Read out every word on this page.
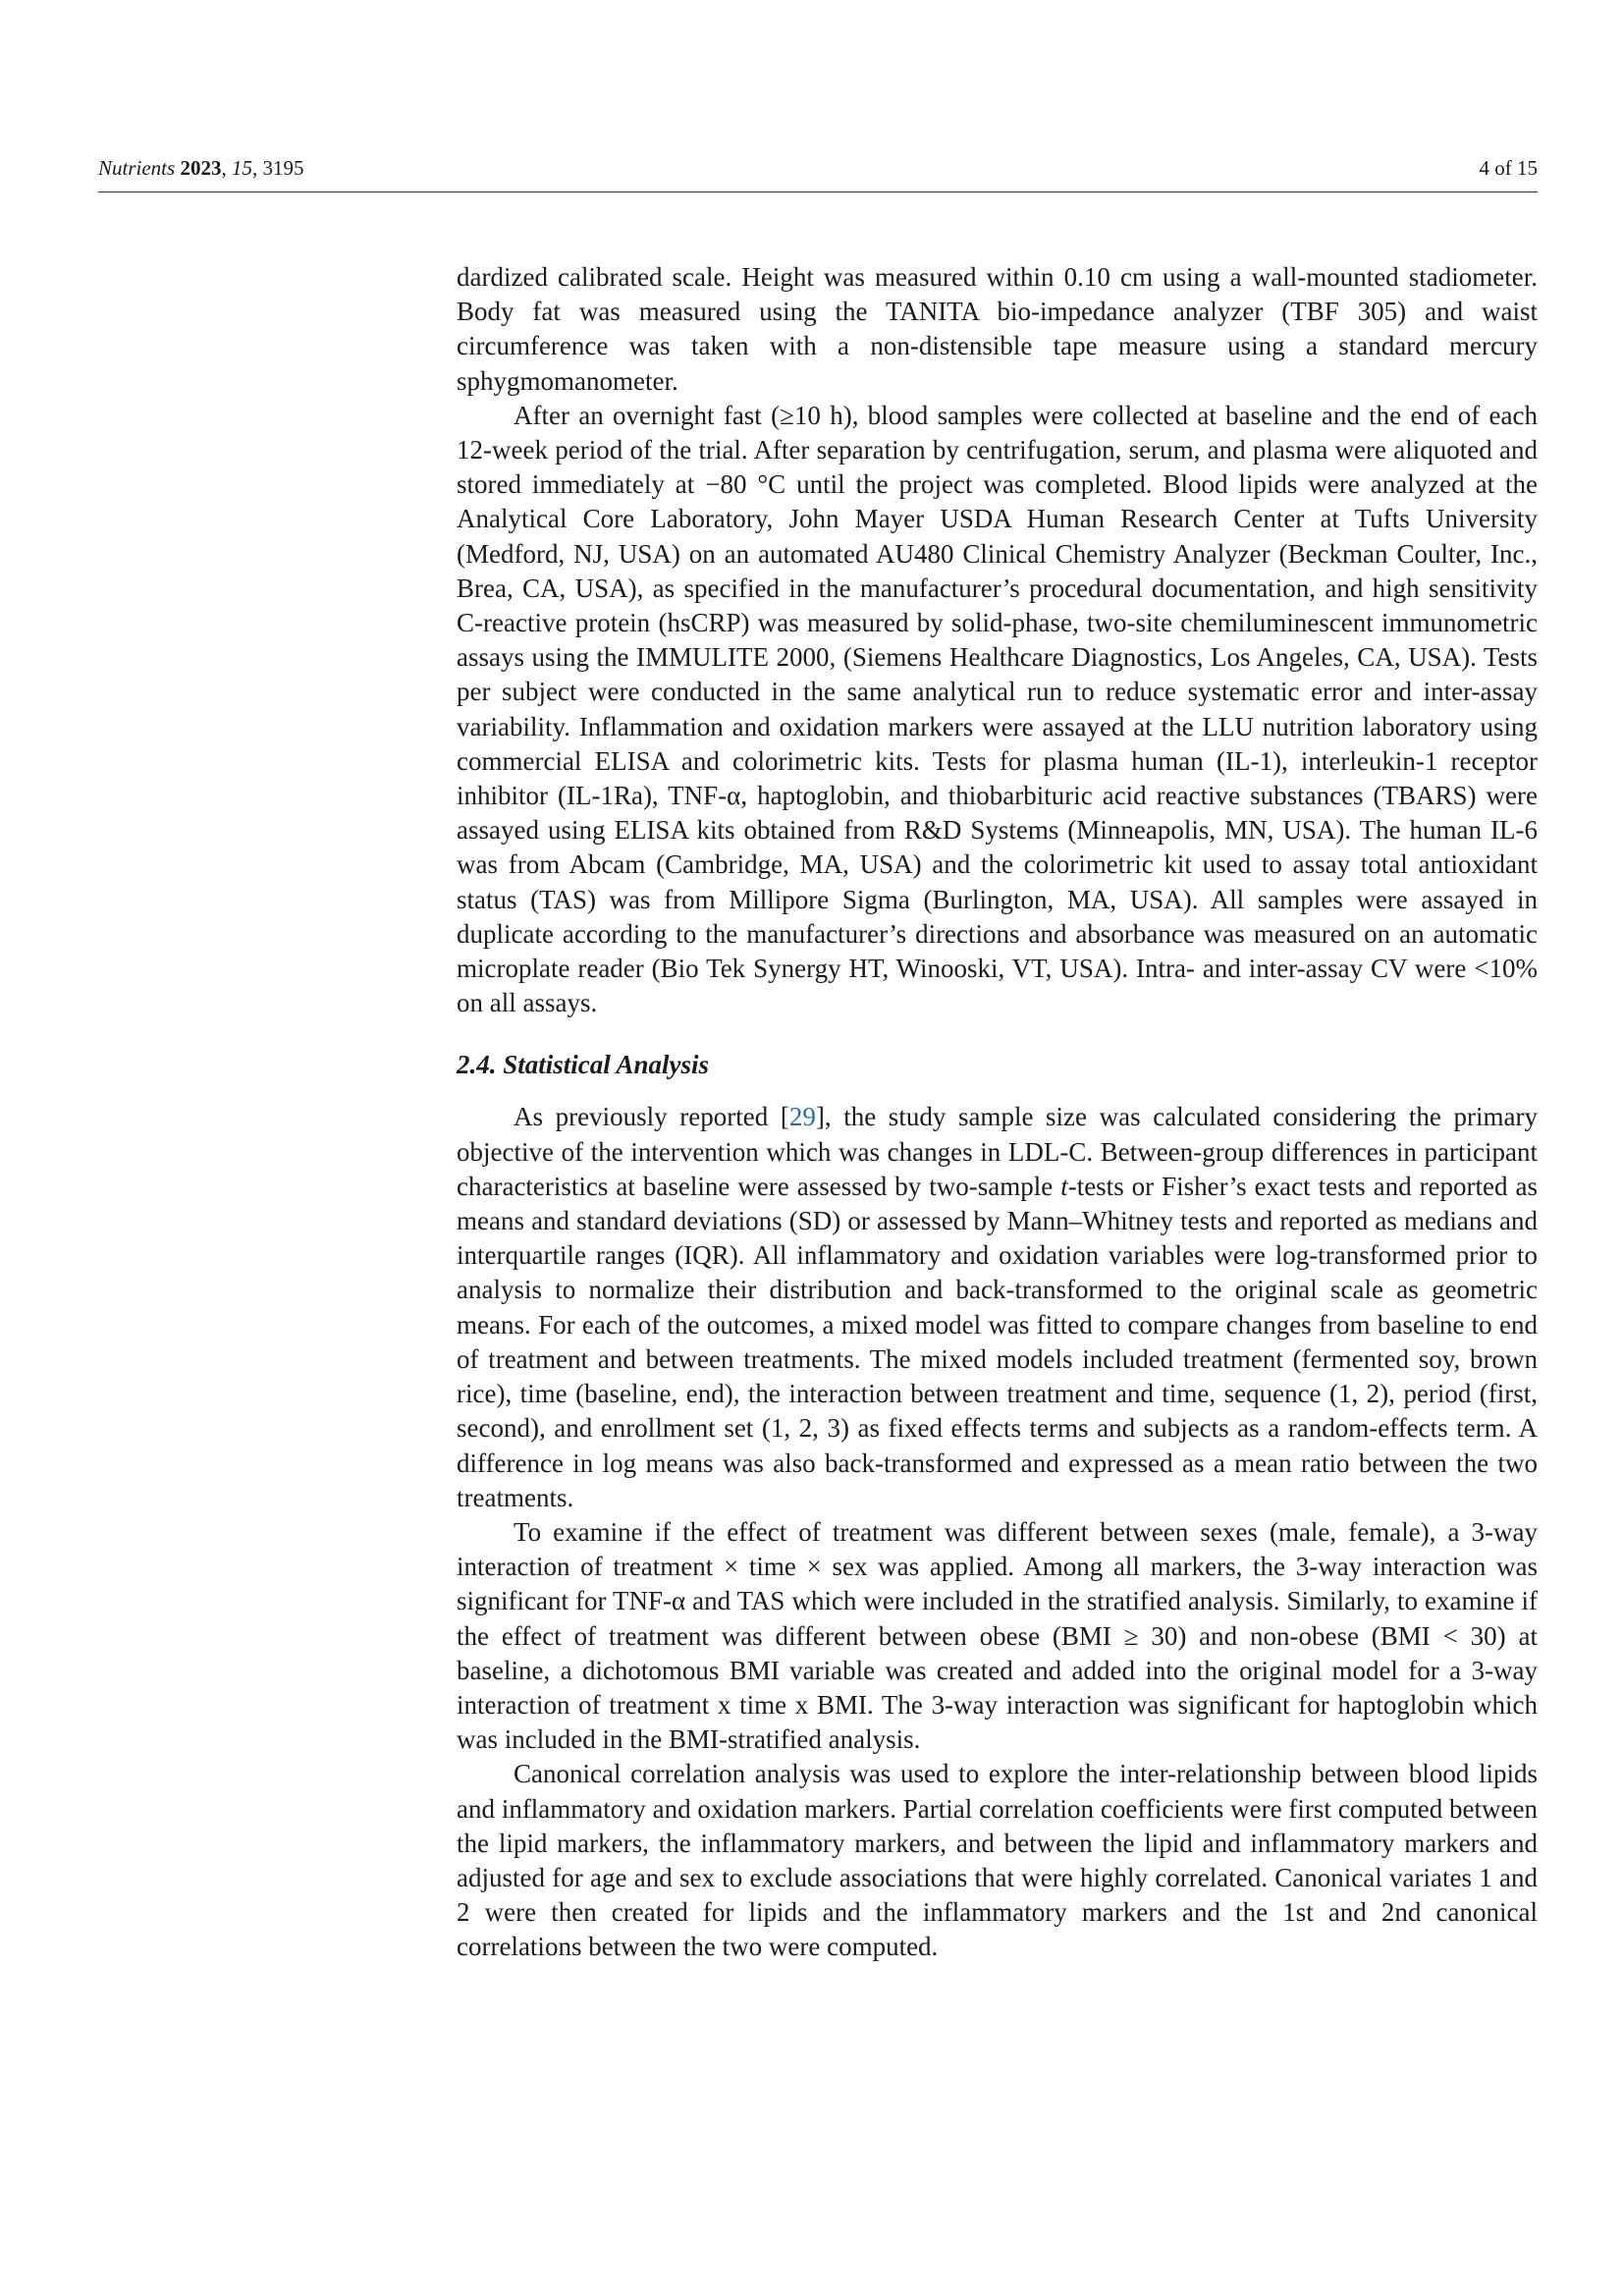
Nutrients 2023, 15, 3195	4 of 15

dardized calibrated scale. Height was measured within 0.10 cm using a wall-mounted stadiometer. Body fat was measured using the TANITA bio-impedance analyzer (TBF 305) and waist circumference was taken with a non-distensible tape measure using a standard mercury sphygmomanometer.

After an overnight fast (≥10 h), blood samples were collected at baseline and the end of each 12-week period of the trial. After separation by centrifugation, serum, and plasma were aliquoted and stored immediately at −80 °C until the project was completed. Blood lipids were analyzed at the Analytical Core Laboratory, John Mayer USDA Human Research Center at Tufts University (Medford, NJ, USA) on an automated AU480 Clinical Chemistry Analyzer (Beckman Coulter, Inc., Brea, CA, USA), as specified in the manufacturer’s procedural documentation, and high sensitivity C-reactive protein (hsCRP) was measured by solid-phase, two-site chemiluminescent immunometric assays using the IMMULITE 2000, (Siemens Healthcare Diagnostics, Los Angeles, CA, USA). Tests per subject were conducted in the same analytical run to reduce systematic error and inter-assay variability. Inflammation and oxidation markers were assayed at the LLU nutrition laboratory using commercial ELISA and colorimetric kits. Tests for plasma human (IL-1), interleukin-1 receptor inhibitor (IL-1Ra), TNF-α, haptoglobin, and thiobarbituric acid reactive substances (TBARS) were assayed using ELISA kits obtained from R&D Systems (Minneapolis, MN, USA). The human IL-6 was from Abcam (Cambridge, MA, USA) and the colorimetric kit used to assay total antioxidant status (TAS) was from Millipore Sigma (Burlington, MA, USA). All samples were assayed in duplicate according to the manufacturer’s directions and absorbance was measured on an automatic microplate reader (Bio Tek Synergy HT, Winooski, VT, USA). Intra- and inter-assay CV were <10% on all assays.

2.4. Statistical Analysis

As previously reported [29], the study sample size was calculated considering the primary objective of the intervention which was changes in LDL-C. Between-group differences in participant characteristics at baseline were assessed by two-sample t-tests or Fisher’s exact tests and reported as means and standard deviations (SD) or assessed by Mann–Whitney tests and reported as medians and interquartile ranges (IQR). All inflammatory and oxidation variables were log-transformed prior to analysis to normalize their distribution and back-transformed to the original scale as geometric means. For each of the outcomes, a mixed model was fitted to compare changes from baseline to end of treatment and between treatments. The mixed models included treatment (fermented soy, brown rice), time (baseline, end), the interaction between treatment and time, sequence (1, 2), period (first, second), and enrollment set (1, 2, 3) as fixed effects terms and subjects as a random-effects term. A difference in log means was also back-transformed and expressed as a mean ratio between the two treatments.

To examine if the effect of treatment was different between sexes (male, female), a 3-way interaction of treatment × time × sex was applied. Among all markers, the 3-way interaction was significant for TNF-α and TAS which were included in the stratified analysis. Similarly, to examine if the effect of treatment was different between obese (BMI ≥ 30) and non-obese (BMI < 30) at baseline, a dichotomous BMI variable was created and added into the original model for a 3-way interaction of treatment x time x BMI. The 3-way interaction was significant for haptoglobin which was included in the BMI-stratified analysis.

Canonical correlation analysis was used to explore the inter-relationship between blood lipids and inflammatory and oxidation markers. Partial correlation coefficients were first computed between the lipid markers, the inflammatory markers, and between the lipid and inflammatory markers and adjusted for age and sex to exclude associations that were highly correlated. Canonical variates 1 and 2 were then created for lipids and the inflammatory markers and the 1st and 2nd canonical correlations between the two were computed.
